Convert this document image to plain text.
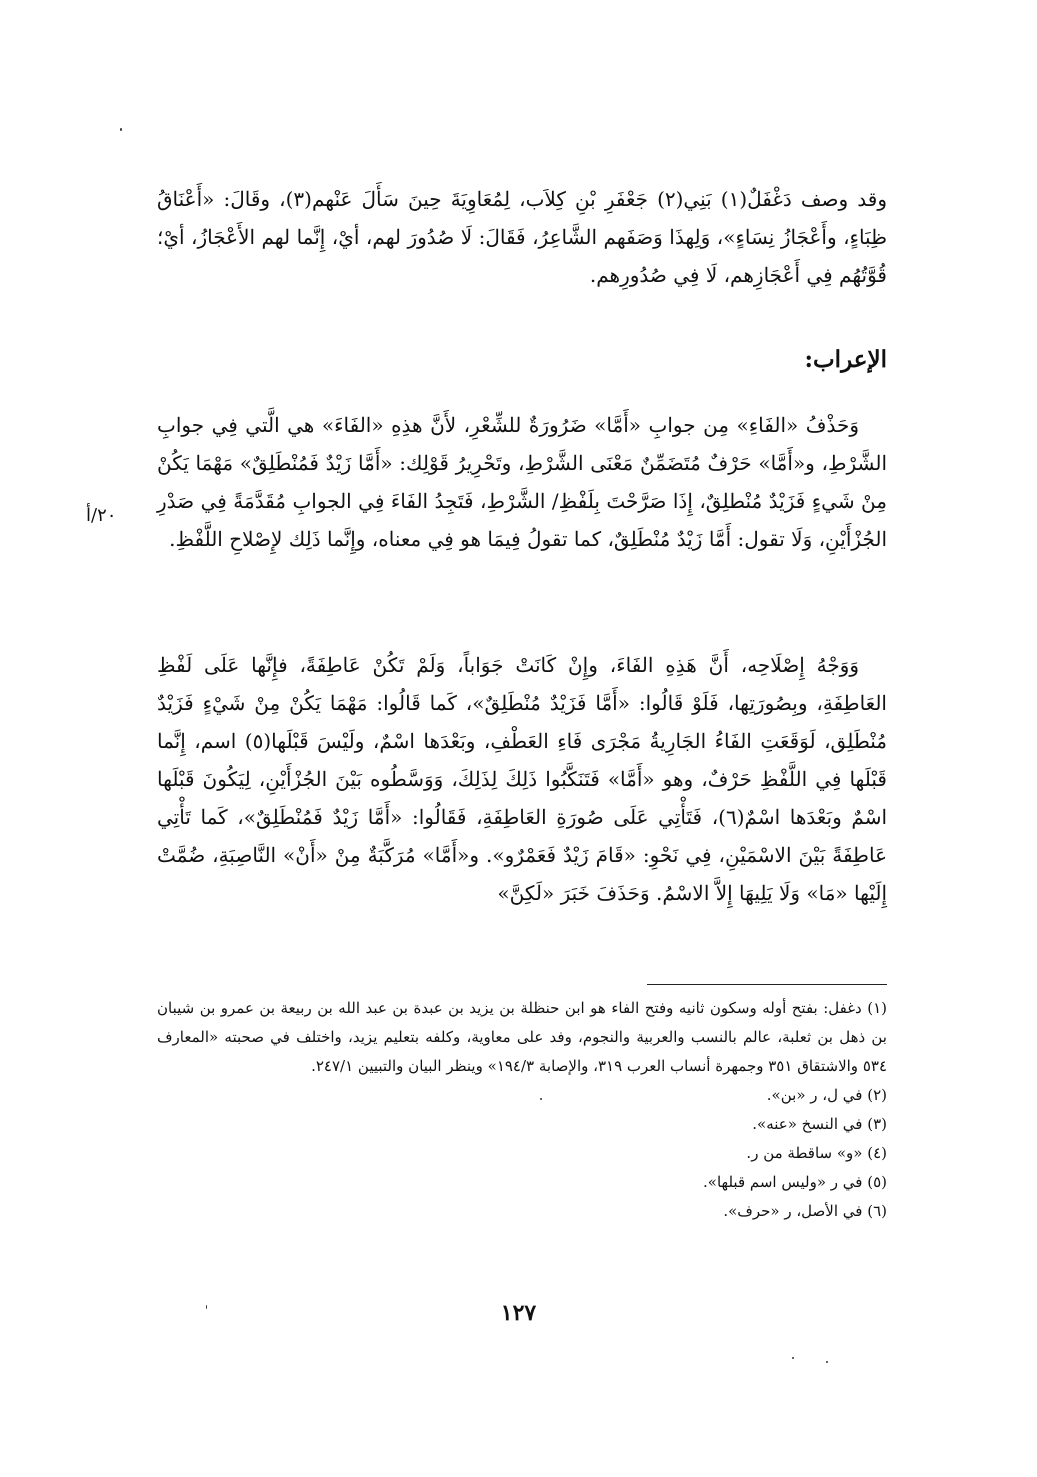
وقد وصف دَغْفَلٌ(١) بَنِي(٢) جَعْفَرِ بْنِ كِلاَب، لِمُعَاوِيَةَ حِينَ سَأَلَ عَنْهم(٣)، وقَالَ: «أَعْنَاقُ ظِبَاءٍ، وأَعْجَازُ نِسَاءٍ»، وَلِهذَا وَصَفَهم الشَّاعِرُ، فَقَالَ: لَا صُدُورَ لهم، أيْ، إِنَّما لهم الأَعْجَازُ، أيْ؛ قُوَّتُهُم فِي أَعْجَازِهم، لَا فِي صُدُورِهم.

الإعراب:

وَحَذْفُ «الفَاءِ» مِن جوابِ «أَمَّا» ضَرُورَةٌ للشِّعْرِ، لأَنَّ هذِهِ «الفَاءَ» هي الَّتي فِي جوابِ الشَّرْطِ، و«أَمَّا» حَرْفٌ مُتَضَمِّنٌ مَعْنَى الشَّرْطِ، وتَحْرِيرُ قَوْلِك: «أَمَّا زَيْدٌ فَمُنْطَلِقٌ» مَهْمَا يَكُنْ مِنْ شَيءٍ فَزَيْدٌ مُنْطلِقٌ، إِذَا صَرَّحْتَ بِلَفْظِ/ الشَّرْطِ، فَتَجِدُ الفَاءَ فِي الجوابِ مُقَدَّمَةً فِي صَدْرِ الجُزْأَيْنِ، وَلَا تقول: أَمَّا زَيْدٌ مُنْطَلِقٌ، كما تقولُ فِيمَا هو فِي معناه، وإِنَّما ذَلِك لإِصْلاحِ اللَّفْظِ.

٢٠/أ

وَوَجْهُ إِصْلَاحِه، أَنَّ هَذِهِ الفَاءَ، وإِنْ كَانَتْ جَوَاباً، وَلَمْ تَكُنْ عَاطِفَةً، فإِنَّها عَلَى لَفْظِ العَاطِفَةِ، وبِصُورَتِها، فَلَوْ قَالُوا: «أَمَّا فَزَيْدٌ مُنْطَلِقٌ»، كَما قَالُوا: مَهْمَا يَكُنْ مِنْ شَيْءٍ فَزَيْدٌ مُنْطَلِق، لَوَقَعَتِ الفَاءُ الجَارِيةُ مَجْرَى فَاءِ العَطْفِ، وبَعْدَها اسْمٌ، ولَيْسَ قَبْلَها(٥) اسم، إِنَّما قَبْلَها فِي اللَّفْظِ حَرْفٌ، وهو «أَمَّا» فَتَنَكَّبُوا ذَلِكَ لِذَلِكَ، وَوَسَّطُوه بَيْنَ الجُزْأَيْنِ، لِيَكُونَ قَبْلَها اسْمٌ وبَعْدَها اسْمٌ(٦)، فَتَأْتِي عَلَى صُورَةِ العَاطِفَةِ، فَقَالُوا: «أَمَّا زَيْدٌ فَمُنْطَلِقٌ»، كَما تَأْتِي عَاطِفَةً بَيْنَ الاسْمَيْنِ، فِي نَحْوِ: «قَامَ زَيْدٌ فَعَمْرٌو». و«أَمَّا» مُرَكَّبَةٌ مِنْ «أَنْ» النَّاصِبَةِ، ضُمَّتْ إِلَيْها «مَا» وَلَا يَلِيهَا إِلاَّ الاسْمُ. وَحَذَفَ خَبَرَ «لَكِنَّ»

(١) دغفل: بفتح أوله وسكون ثانيه وفتح الفاء هو ابن حنظلة بن يزيد بن عبدة بن عبد الله بن ربيعة بن عمرو بن شيبان بن ذهل بن ثعلبة، عالم بالنسب والعربية والنجوم، وفد على معاوية، وكلفه بتعليم يزيد، واختلف في صحبته «المعارف ٥٣٤ والاشتقاق ٣٥١ وجمهرة أنساب العرب ٣١٩، والإصابة ١٩٤/٣» وينظر البيان والتبيين ٢٤٧/١.
(٢) في ل، ر «بن».
(٣) في النسخ «عنه».
(٤) «و» ساقطة من ر.
(٥) في ر «وليس اسم قبلها».
(٦) في الأصل، ر «حرف».
١٢٧
